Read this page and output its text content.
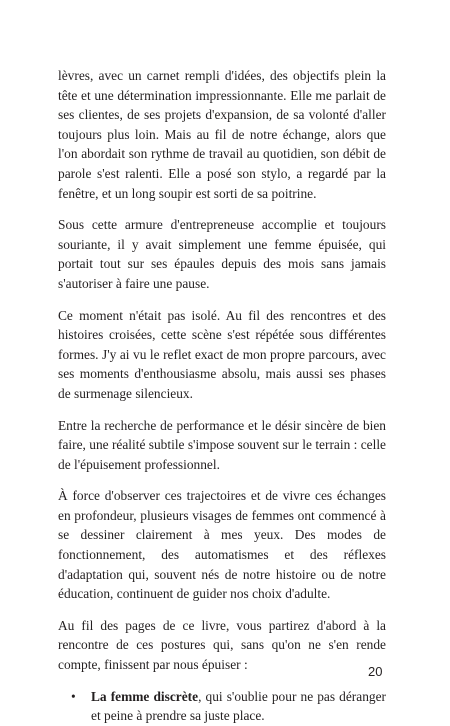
lèvres, avec un carnet rempli d'idées, des objectifs plein la tête et une détermination impressionnante. Elle me parlait de ses clientes, de ses projets d'expansion, de sa volonté d'aller toujours plus loin. Mais au fil de notre échange, alors que l'on abordait son rythme de travail au quotidien, son débit de parole s'est ralenti. Elle a posé son stylo, a regardé par la fenêtre, et un long soupir est sorti de sa poitrine.

Sous cette armure d'entrepreneuse accomplie et toujours souriante, il y avait simplement une femme épuisée, qui portait tout sur ses épaules depuis des mois sans jamais s'autoriser à faire une pause.

Ce moment n'était pas isolé. Au fil des rencontres et des histoires croisées, cette scène s'est répétée sous différentes formes. J'y ai vu le reflet exact de mon propre parcours, avec ses moments d'enthousiasme absolu, mais aussi ses phases de surmenage silencieux.

Entre la recherche de performance et le désir sincère de bien faire, une réalité subtile s'impose souvent sur le terrain : celle de l'épuisement professionnel.

À force d'observer ces trajectoires et de vivre ces échanges en profondeur, plusieurs visages de femmes ont commencé à se dessiner clairement à mes yeux. Des modes de fonctionnement, des automatismes et des réflexes d'adaptation qui, souvent nés de notre histoire ou de notre éducation, continuent de guider nos choix d'adulte.

Au fil des pages de ce livre, vous partirez d'abord à la rencontre de ces postures qui, sans qu'on ne s'en rende compte, finissent par nous épuiser :

• La femme discrète, qui s'oublie pour ne pas déranger et peine à prendre sa juste place.
20
